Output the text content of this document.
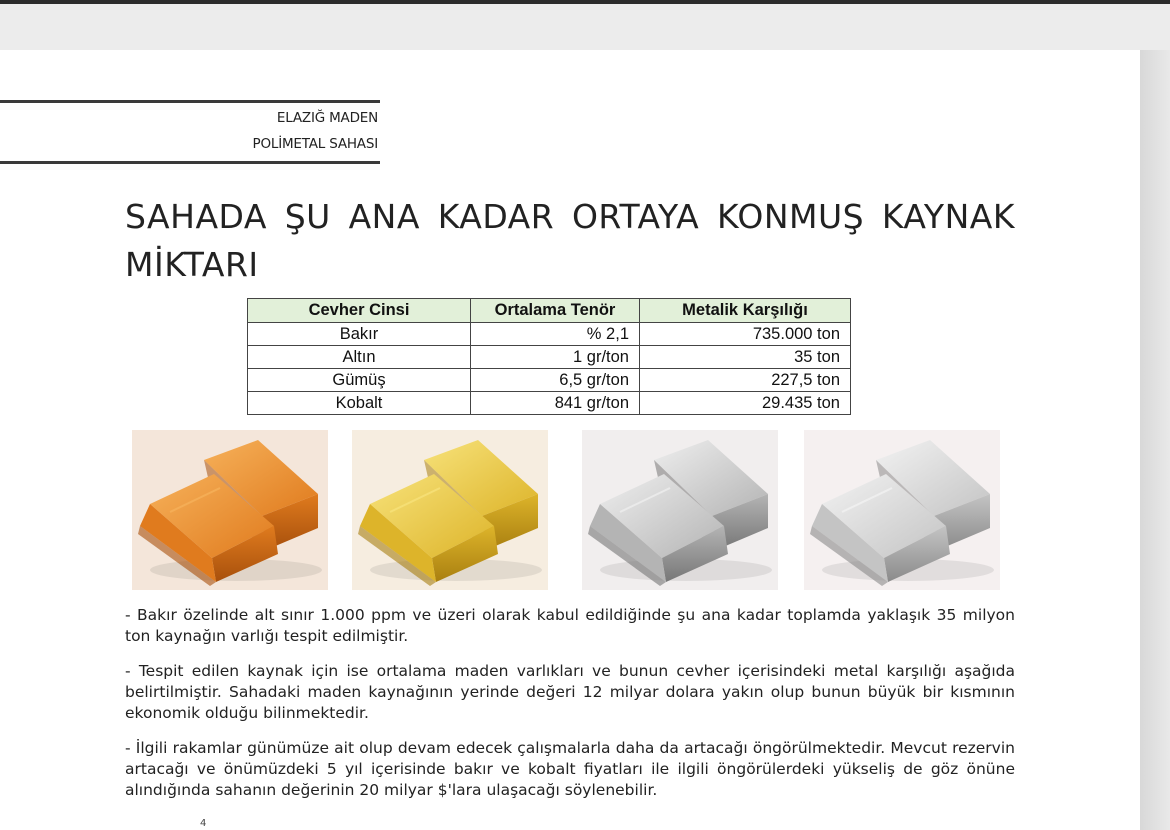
ELAZIĞ MADEN
POLİMETAL SAHASI
SAHADA ŞU ANA KADAR ORTAYA KONMUŞ KAYNAK MİKTARI
Cevher Cinsi	Ortalama Tenör	Metalik Karşılığı
Bakır	% 2,1	735.000 ton
Altın	1 gr/ton	35 ton
Gümüş	6,5 gr/ton	227,5 ton
Kobalt	841 gr/ton	29.435 ton

- Bakır özelinde alt sınır 1.000 ppm ve üzeri olarak kabul edildiğinde şu ana kadar toplamda yaklaşık 35 milyon ton kaynağın varlığı tespit edilmiştir.

- Tespit edilen kaynak için ise ortalama maden varlıkları ve bunun cevher içerisindeki metal karşılığı aşağıda belirtilmiştir. Sahadaki maden kaynağının yerinde değeri 12 milyar dolara yakın olup bunun büyük bir kısmının ekonomik olduğu bilinmektedir.

- İlgili rakamlar günümüze ait olup devam edecek çalışmalarla daha da artacağı öngörülmektedir. Mevcut rezervin artacağı ve önümüzdeki 5 yıl içerisinde bakır ve kobalt fiyatları ile ilgili öngörülerdeki yükseliş de göz önüne alındığında sahanın değerinin 20 milyar $'lara ulaşacağı söylenebilir.

4
